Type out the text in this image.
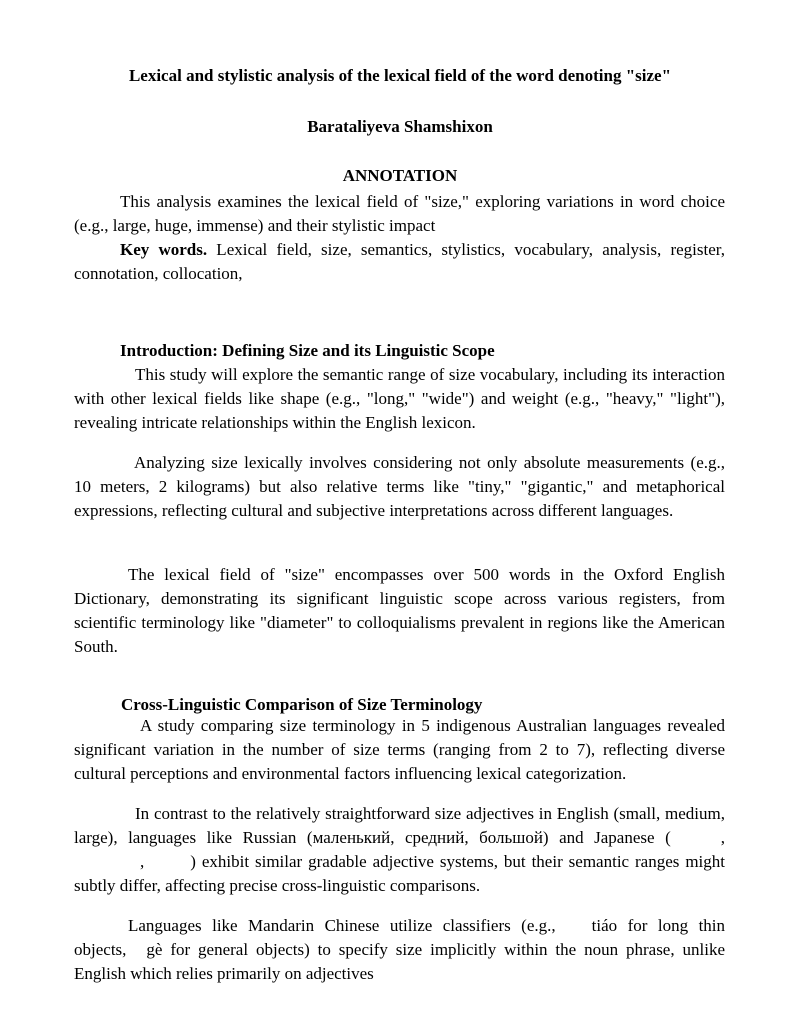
Lexical and stylistic analysis of the lexical field of the word denoting "size"

Barataliyeva Shamshixon

ANNOTATION

This analysis examines the lexical field of "size," exploring variations in word choice (e.g., large, huge, immense) and their stylistic impact

Key words. Lexical field, size, semantics, stylistics, vocabulary, analysis, register, connotation, collocation,

Introduction: Defining Size and its Linguistic Scope

This study will explore the semantic range of size vocabulary, including its interaction with other lexical fields like shape (e.g., "long," "wide") and weight (e.g., "heavy," "light"), revealing intricate relationships within the English lexicon.

Analyzing size lexically involves considering not only absolute measurements (e.g., 10 meters, 2 kilograms) but also relative terms like "tiny," "gigantic," and metaphorical expressions, reflecting cultural and subjective interpretations across different languages.

The lexical field of "size" encompasses over 500 words in the Oxford English Dictionary, demonstrating its significant linguistic scope across various registers, from scientific terminology like "diameter" to colloquialisms prevalent in regions like the American South.

Cross-Linguistic Comparison of Size Terminology

A study comparing size terminology in 5 indigenous Australian languages revealed significant variation in the number of size terms (ranging from 2 to 7), reflecting diverse cultural perceptions and environmental factors influencing lexical categorization.

In contrast to the relatively straightforward size adjectives in English (small, medium, large), languages like Russian (маленький, средний, большой) and Japanese (	,,	) exhibit similar gradable adjective systems, but their semantic ranges might subtly differ, affecting precise cross-linguistic comparisons.

Languages like Mandarin Chinese utilize classifiers (e.g., tiáo for long thin objects, gè for general objects) to specify size implicitly within the noun phrase, unlike English which relies primarily on adjectives
